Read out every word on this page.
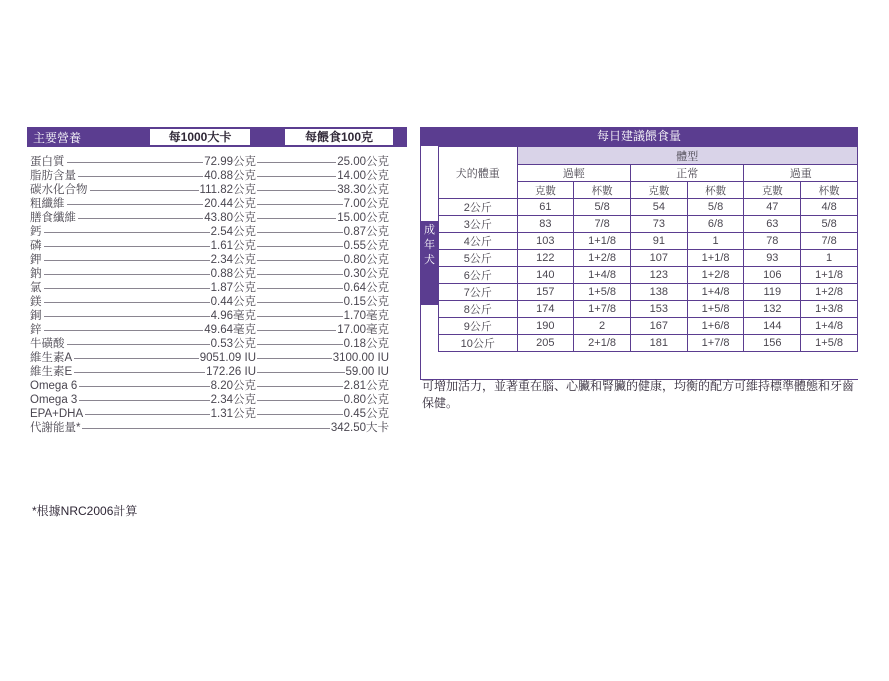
主要營養	每1000大卡	每餵食100克
蛋白質	72.99公克	25.00公克
脂肪含量	40.88公克	14.00公克
碳水化合物	111.82公克	38.30公克
粗纖維	20.44公克	7.00公克
膳食纖維	43.80公克	15.00公克
鈣	2.54公克	0.87公克
磷	1.61公克	0.55公克
鉀	2.34公克	0.80公克
鈉	0.88公克	0.30公克
氯	1.87公克	0.64公克
鎂	0.44公克	0.15公克
銅	4.96毫克	1.70毫克
鋅	49.64毫克	17.00毫克
牛磺酸	0.53公克	0.18公克
維生素A	9051.09 IU	3100.00 IU
維生素E	172.26 IU	59.00 IU
Omega 6	8.20公克	2.81公克
Omega 3	2.34公克	0.80公克
EPA+DHA	1.31公克	0.45公克
代謝能量*	342.50大卡
*根據NRC2006計算
每日建議餵食量
成
年
犬
犬的體重	體型					
	過輕		正常		過重	
	克數	杯數	克數	杯數	克數	杯數
2公斤	61	5/8	54	5/8	47	4/8
3公斤	83	7/8	73	6/8	63	5/8
4公斤	103	1+1/8	91	1	78	7/8
5公斤	122	1+2/8	107	1+1/8	93	1
6公斤	140	1+4/8	123	1+2/8	106	1+1/8
7公斤	157	1+5/8	138	1+4/8	119	1+2/8
8公斤	174	1+7/8	153	1+5/8	132	1+3/8
9公斤	190	2	167	1+6/8	144	1+4/8
10公斤	205	2+1/8	181	1+7/8	156	1+5/8
可增加活力，並著重在腦、心臟和腎臟的健康，均衡的配方可維持標準體態和牙齒保健。
